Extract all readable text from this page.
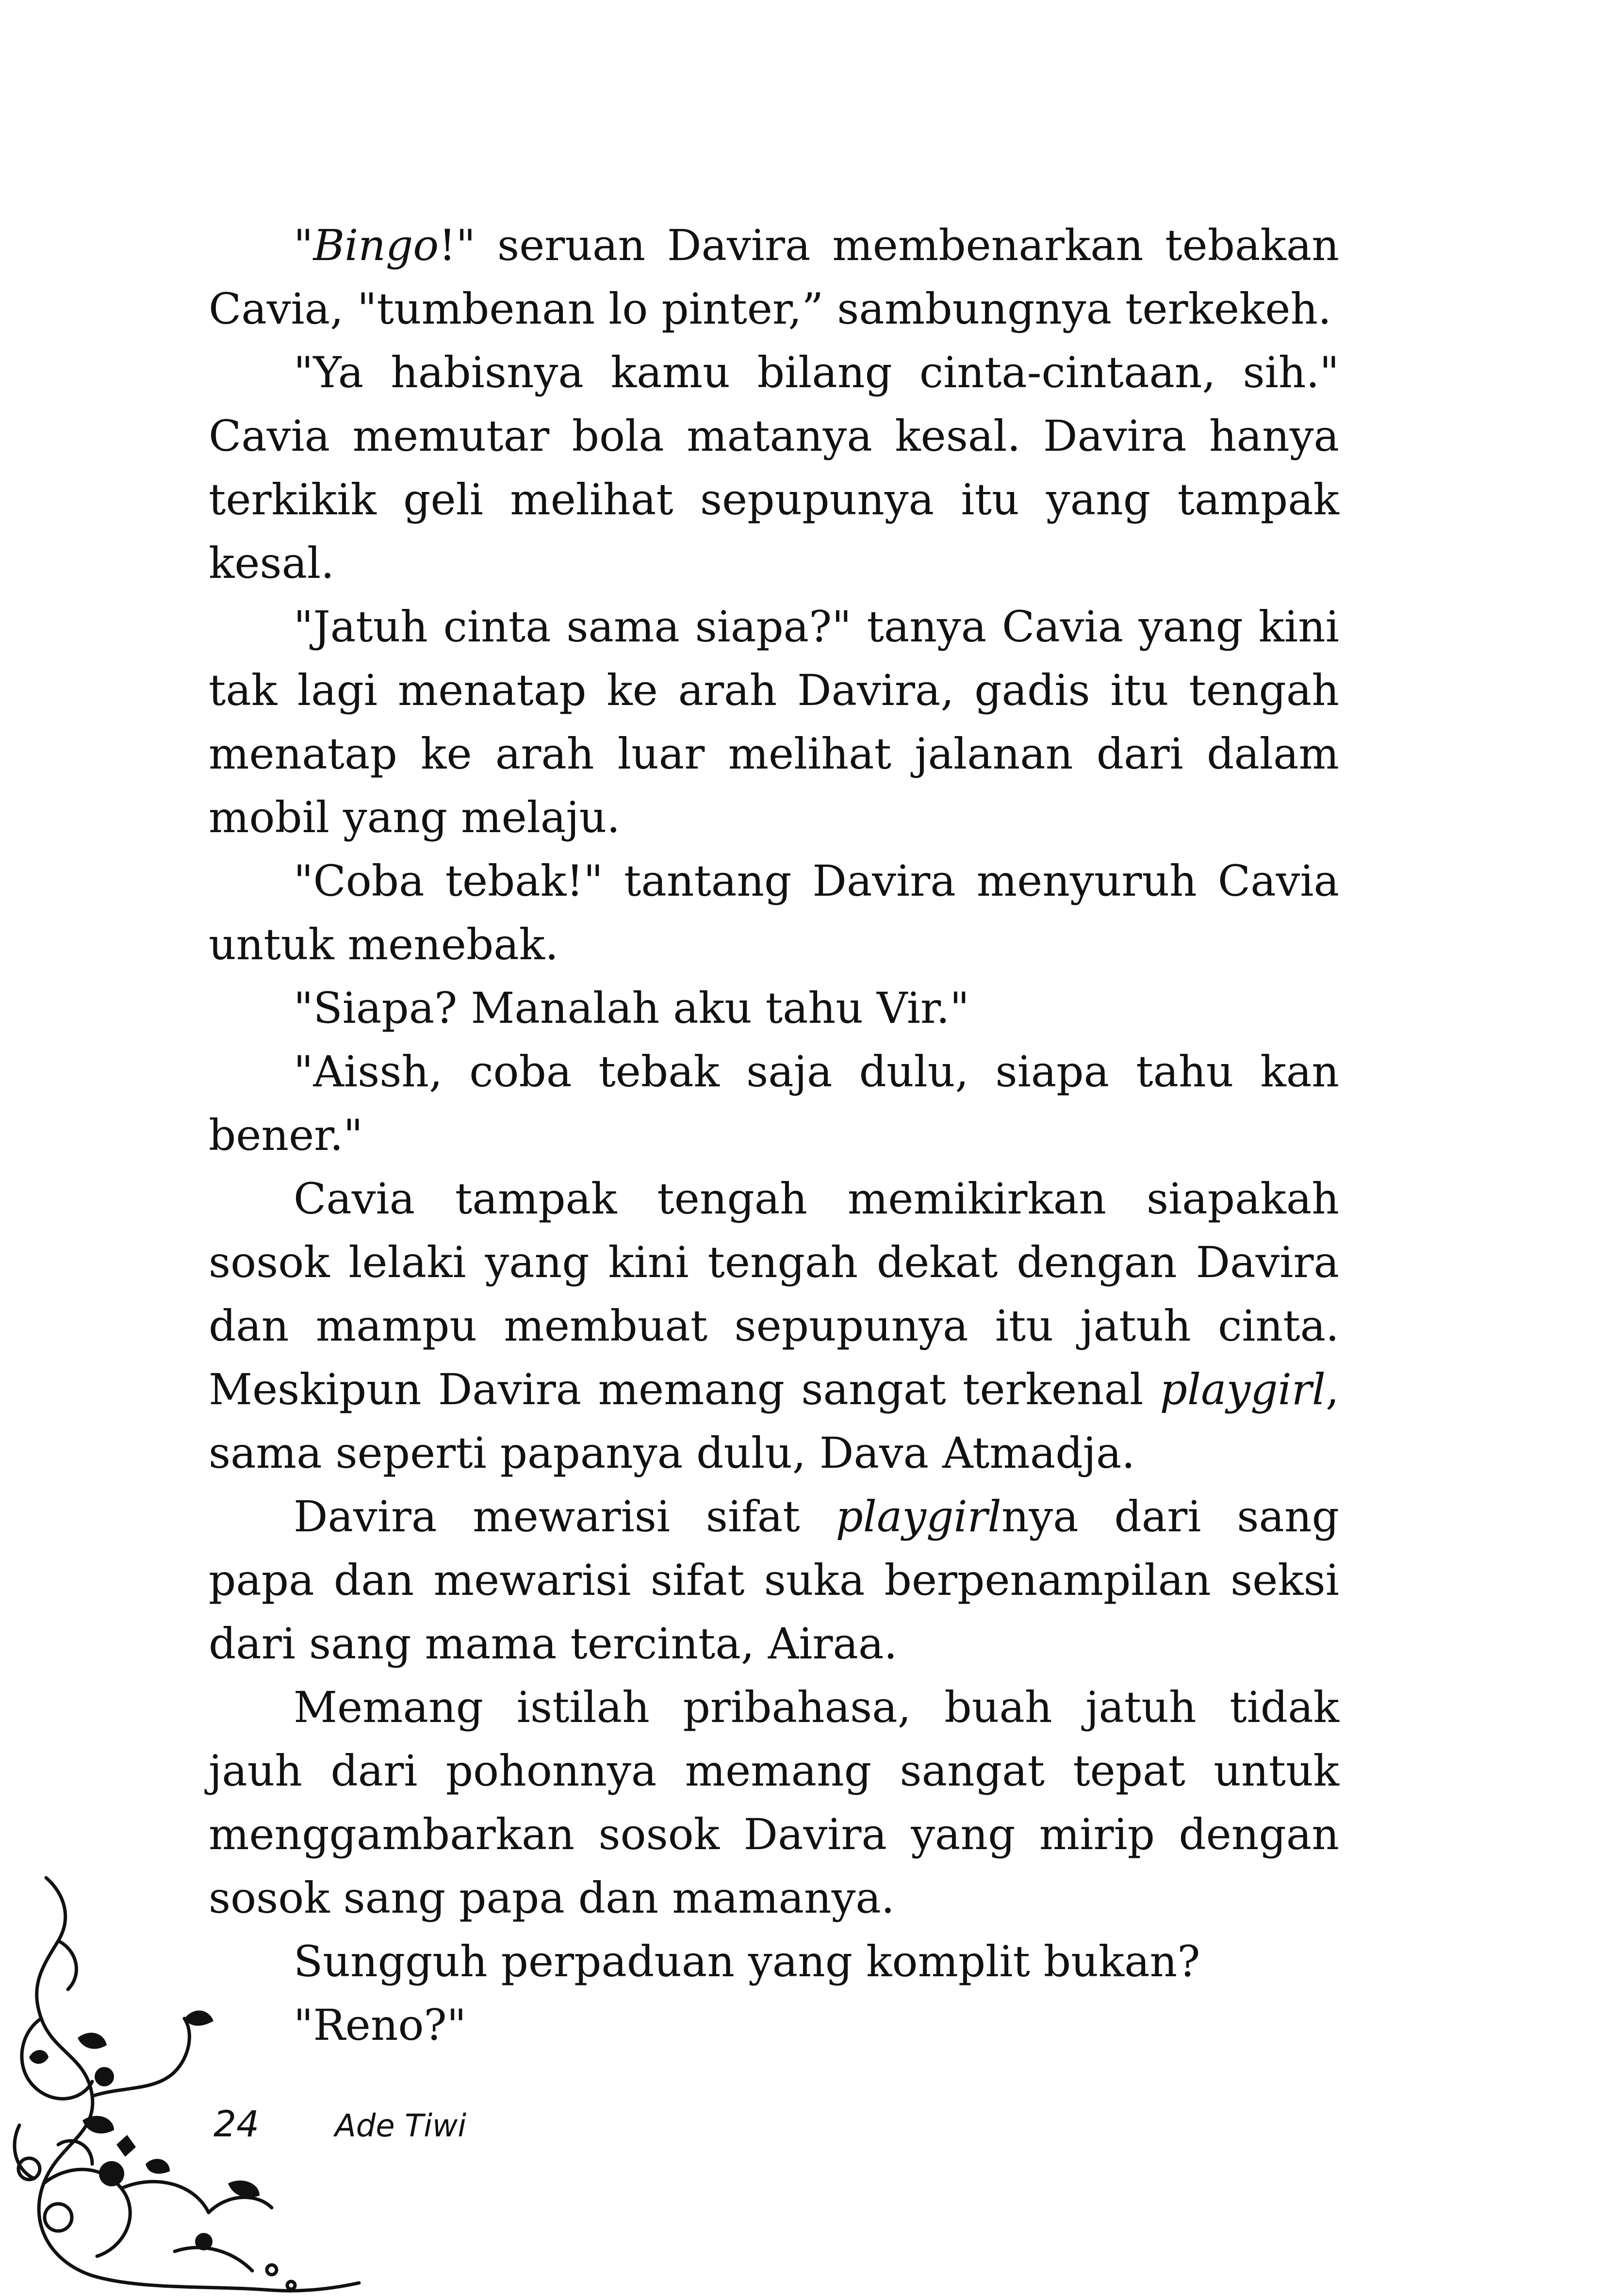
"Bingo!" seruan Davira membenarkan tebakan Cavia, "tumbenan lo pinter,” sambungnya terkekeh.

"Ya habisnya kamu bilang cinta-cintaan, sih." Cavia memutar bola matanya kesal. Davira hanya terkikik geli melihat sepupunya itu yang tampak kesal.

"Jatuh cinta sama siapa?" tanya Cavia yang kini tak lagi menatap ke arah Davira, gadis itu tengah menatap ke arah luar melihat jalanan dari dalam mobil yang melaju.

"Coba tebak!" tantang Davira menyuruh Cavia untuk menebak.

"Siapa? Manalah aku tahu Vir."

"Aissh, coba tebak saja dulu, siapa tahu kan bener."

Cavia tampak tengah memikirkan siapakah sosok lelaki yang kini tengah dekat dengan Davira dan mampu membuat sepupunya itu jatuh cinta. Meskipun Davira memang sangat terkenal playgirl, sama seperti papanya dulu, Dava Atmadja.

Davira mewarisi sifat playgirlnya dari sang papa dan mewarisi sifat suka berpenampilan seksi dari sang mama tercinta, Airaa.

Memang istilah pribahasa, buah jatuh tidak jauh dari pohonnya memang sangat tepat untuk menggambarkan sosok Davira yang mirip dengan sosok sang papa dan mamanya.

Sungguh perpaduan yang komplit bukan?

"Reno?"

24 Ade Tiwi
